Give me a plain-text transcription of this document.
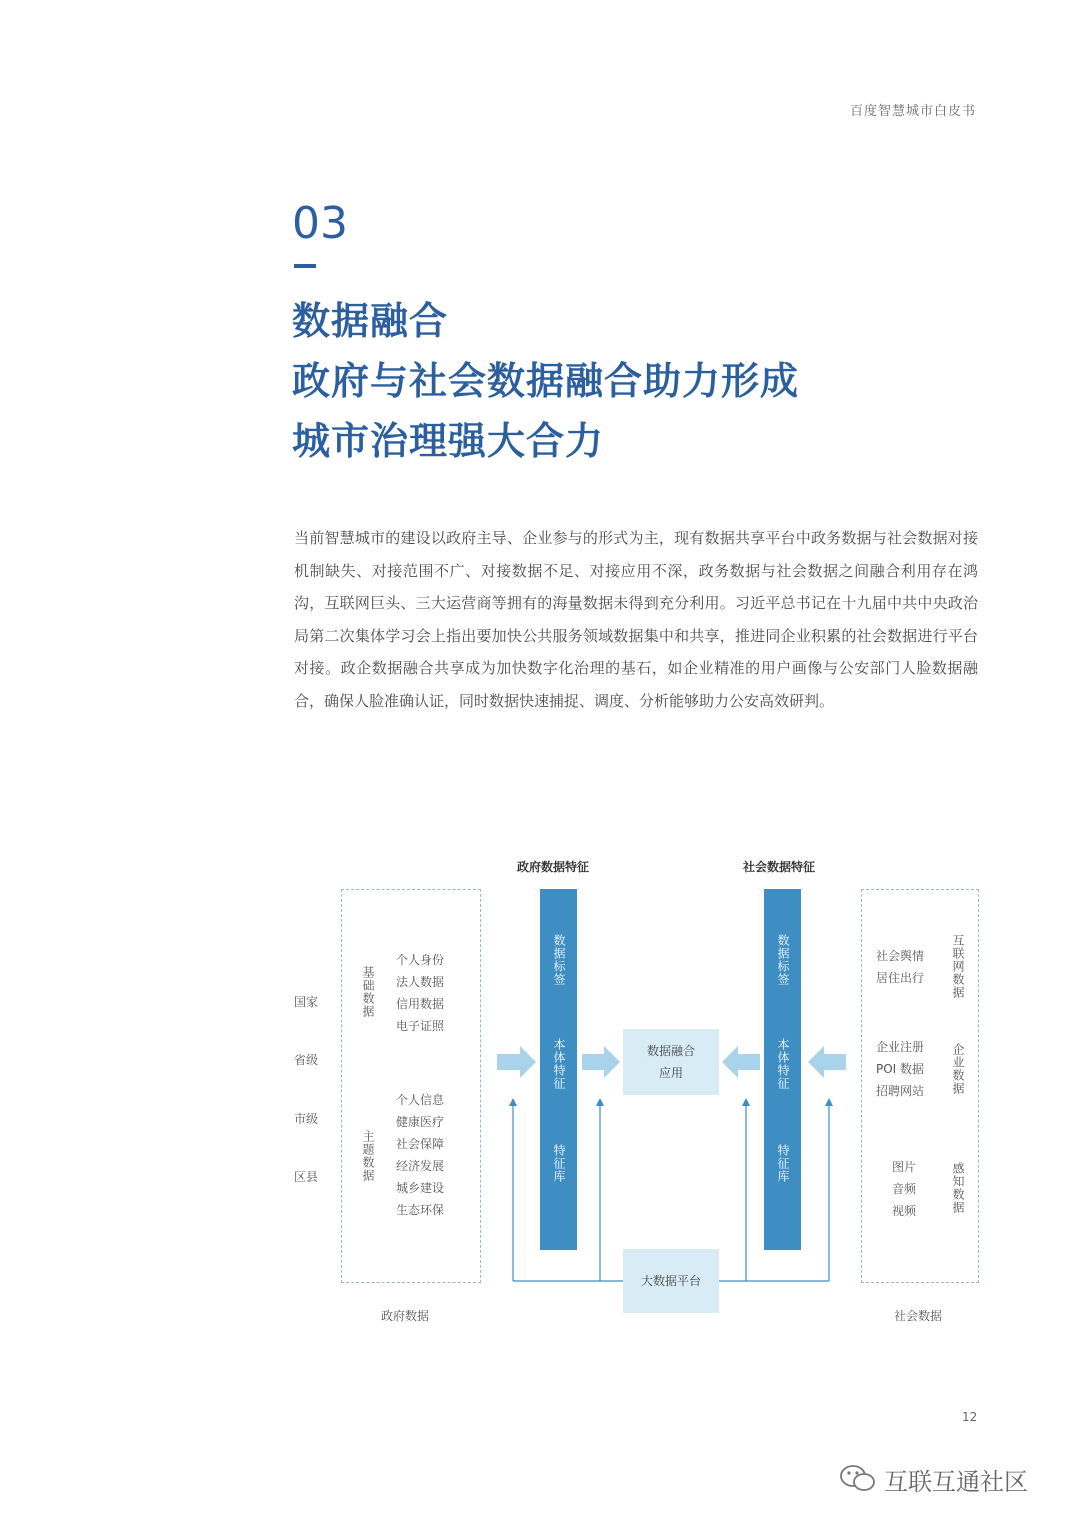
百度智慧城市白皮书
03
数据融合
政府与社会数据融合助力形成
城市治理强大合力
当前智慧城市的建设以政府主导、企业参与的形式为主，现有数据共享平台中政务数据与社会数据对接机制缺失、对接范围不广、对接数据不足、对接应用不深，政务数据与社会数据之间融合利用存在鸿沟，互联网巨头、三大运营商等拥有的海量数据未得到充分利用。习近平总书记在十九届中共中央政治局第二次集体学习会上指出要加快公共服务领域数据集中和共享，推进同企业积累的社会数据进行平台对接。政企数据融合共享成为加快数字化治理的基石，如企业精准的用户画像与公安部门人脸数据融合，确保人脸准确认证，同时数据快速捕捉、调度、分析能够助力公安高效研判。
政府数据特征	社会数据特征
国家
省级
市级
区县
基础数据
个人身份
法人数据
信用数据
电子证照
主题数据
个人信息
健康医疗
社会保障
经济发展
城乡建设
生态环保
数据标签
本体特征
特征库
数据标签
本体特征
特征库
数据融合
应用
大数据平台
社会舆情
居住出行 互联网数据
企业注册
POI 数据
招聘网站 企业数据
图片
音频
视频	感知数据
政府数据	社会数据
12
互联互通社区
